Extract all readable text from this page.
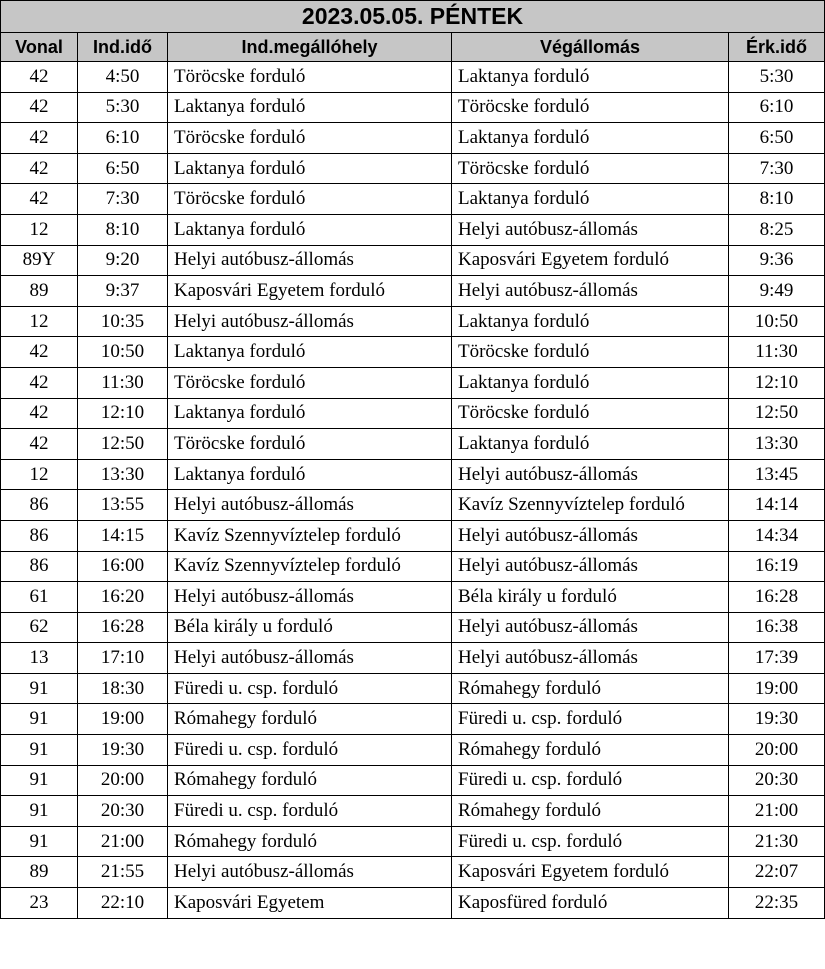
2023.05.05. PÉNTEK				
Vonal	Ind.idő	Ind.megállóhely	Végállomás	Érk.idő
42	4:50	Töröcske forduló	Laktanya forduló	5:30
42	5:30	Laktanya forduló	Töröcske forduló	6:10
42	6:10	Töröcske forduló	Laktanya forduló	6:50
42	6:50	Laktanya forduló	Töröcske forduló	7:30
42	7:30	Töröcske forduló	Laktanya forduló	8:10
12	8:10	Laktanya forduló	Helyi autóbusz-állomás	8:25
89Y	9:20	Helyi autóbusz-állomás	Kaposvári Egyetem forduló	9:36
89	9:37	Kaposvári Egyetem forduló	Helyi autóbusz-állomás	9:49
12	10:35	Helyi autóbusz-állomás	Laktanya forduló	10:50
42	10:50	Laktanya forduló	Töröcske forduló	11:30
42	11:30	Töröcske forduló	Laktanya forduló	12:10
42	12:10	Laktanya forduló	Töröcske forduló	12:50
42	12:50	Töröcske forduló	Laktanya forduló	13:30
12	13:30	Laktanya forduló	Helyi autóbusz-állomás	13:45
86	13:55	Helyi autóbusz-állomás	Kavíz Szennyvíztelep forduló	14:14
86	14:15	Kavíz Szennyvíztelep forduló	Helyi autóbusz-állomás	14:34
86	16:00	Kavíz Szennyvíztelep forduló	Helyi autóbusz-állomás	16:19
61	16:20	Helyi autóbusz-állomás	Béla király u forduló	16:28
62	16:28	Béla király u forduló	Helyi autóbusz-állomás	16:38
13	17:10	Helyi autóbusz-állomás	Helyi autóbusz-állomás	17:39
91	18:30	Füredi u. csp. forduló	Rómahegy forduló	19:00
91	19:00	Rómahegy forduló	Füredi u. csp. forduló	19:30
91	19:30	Füredi u. csp. forduló	Rómahegy forduló	20:00
91	20:00	Rómahegy forduló	Füredi u. csp. forduló	20:30
91	20:30	Füredi u. csp. forduló	Rómahegy forduló	21:00
91	21:00	Rómahegy forduló	Füredi u. csp. forduló	21:30
89	21:55	Helyi autóbusz-állomás	Kaposvári Egyetem forduló	22:07
23	22:10	Kaposvári Egyetem	Kaposfüred forduló	22:35
